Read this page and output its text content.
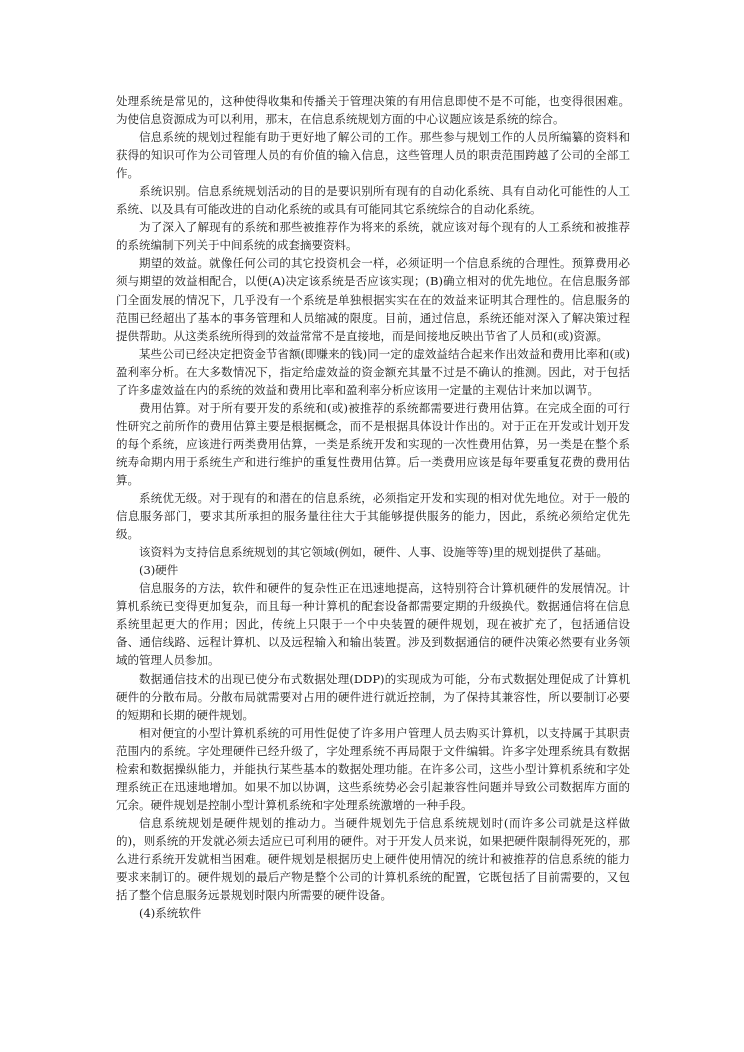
处理系统是常见的，这种使得收集和传播关于管理决策的有用信息即使不是不可能，也变得很困难。为使信息资源成为可以利用，那末，在信息系统规划方面的中心议题应该是系统的综合。

信息系统的规划过程能有助于更好地了解公司的工作。那些参与规划工作的人员所编纂的资料和获得的知识可作为公司管理人员的有价值的输入信息，这些管理人员的职责范围跨越了公司的全部工作。

系统识别。信息系统规划活动的目的是要识别所有现有的自动化系统、具有自动化可能性的人工系统、以及具有可能改进的自动化系统的或具有可能同其它系统综合的自动化系统。

为了深入了解现有的系统和那些被推荐作为将来的系统，就应该对每个现有的人工系统和被推荐的系统编制下列关于中间系统的成套摘要资料。

期望的效益。就像任何公司的其它投资机会一样，必须证明一个信息系统的合理性。预算费用必须与期望的效益相配合，以便(A)决定该系统是否应该实现；(B)确立相对的优先地位。在信息服务部门全面发展的情况下，几乎没有一个系统是单独根据实实在在的效益来证明其合理性的。信息服务的范围已经超出了基本的事务管理和人员缩减的限度。目前，通过信息，系统还能对深入了解决策过程提供帮助。从这类系统所得到的效益常常不是直接地，而是间接地反映出节省了人员和(或)资源。

某些公司已经决定把资金节省额(即赚来的钱)同一定的虚效益结合起来作出效益和费用比率和(或)盈利率分析。在大多数情况下，指定给虚效益的资金额充其量不过是不确认的推测。因此，对于包括了许多虚效益在内的系统的效益和费用比率和盈利率分析应该用一定量的主观估计来加以调节。

费用估算。对于所有要开发的系统和(或)被推荐的系统都需要进行费用估算。在完成全面的可行性研究之前所作的费用估算主要是根据概念，而不是根据具体设计作出的。对于正在开发或计划开发的每个系统，应该进行两类费用估算，一类是系统开发和实现的一次性费用估算，另一类是在整个系统寿命期内用于系统生产和进行维护的重复性费用估算。后一类费用应该是每年要重复花费的费用估算。

系统优无级。对于现有的和潜在的信息系统，必须指定开发和实现的相对优先地位。对于一般的信息服务部门，要求其所承担的服务量往往大于其能够提供服务的能力，因此，系统必须给定优先级。

该资料为支持信息系统规划的其它领域(例如，硬件、人事、设施等等)里的规划提供了基础。

(3)硬件

信息服务的方法，软件和硬件的复杂性正在迅速地提高，这特别符合计算机硬件的发展情况。计算机系统已变得更加复杂，而且每一种计算机的配套设备都需要定期的升级换代。数据通信将在信息系统里起更大的作用；因此，传统上只限于一个中央装置的硬件规划，现在被扩充了，包括通信设备、通信线路、远程计算机、以及远程输入和输出装置。涉及到数据通信的硬件决策必然要有业务领域的管理人员参加。

数据通信技术的出现已使分布式数据处理(DDP)的实现成为可能，分布式数据处理促成了计算机硬件的分散布局。分散布局就需要对占用的硬件进行就近控制，为了保持其兼容性，所以要制订必要的短期和长期的硬件规划。

相对便宜的小型计算机系统的可用性促使了许多用户管理人员去购买计算机，以支持属于其职责范围内的系统。字处理硬件已经升级了，字处理系统不再局限于文件编辑。许多字处理系统具有数据检索和数据操纵能力，并能执行某些基本的数据处理功能。在许多公司，这些小型计算机系统和字处理系统正在迅速地增加。如果不加以协调，这些系统势必会引起兼容性问题并导致公司数据库方面的冗余。硬件规划是控制小型计算机系统和字处理系统激增的一种手段。

信息系统规划是硬件规划的推动力。当硬件规划先于信息系统规划时(而许多公司就是这样做的)，则系统的开发就必须去适应已可利用的硬件。对于开发人员来说，如果把硬件限制得死死的，那么进行系统开发就相当困难。硬件规划是根据历史上硬件使用情况的统计和被推荐的信息系统的能力要求来制订的。硬件规划的最后产物是整个公司的计算机系统的配置，它既包括了目前需要的，又包括了整个信息服务远景规划时限内所需要的硬件设备。

(4)系统软件
